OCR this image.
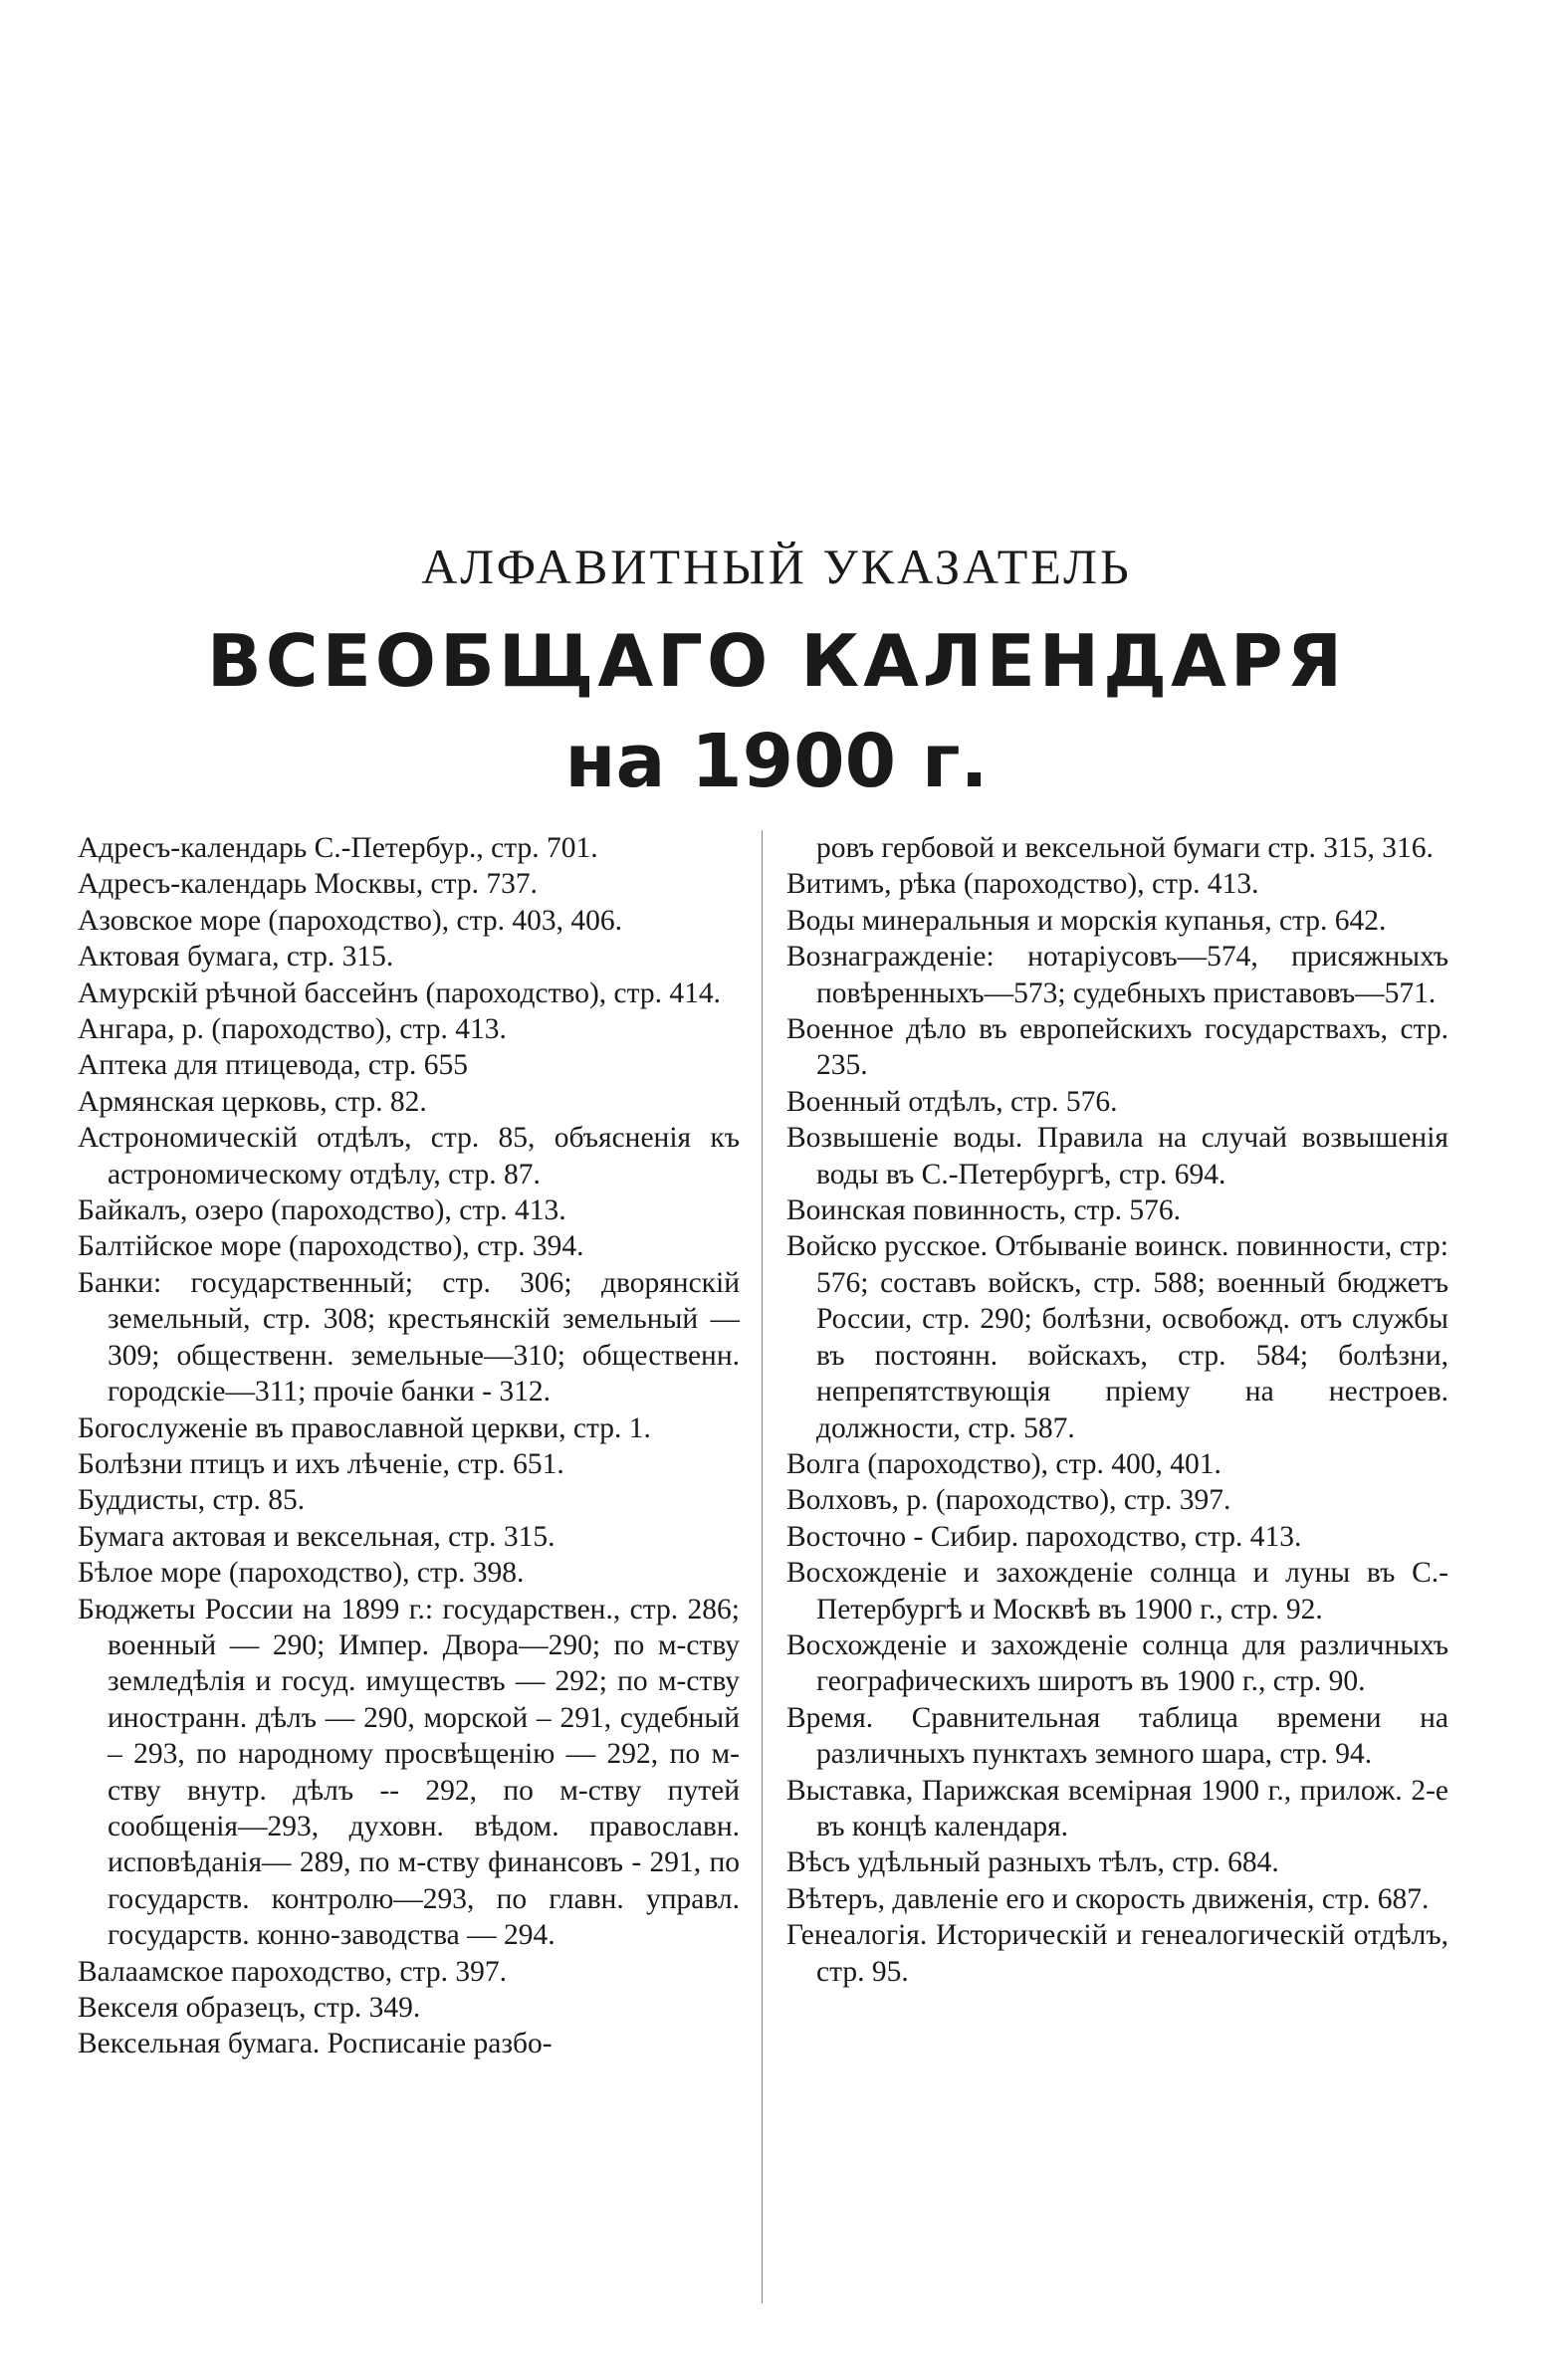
АЛФАВИТНЫЙ УКАЗАТЕЛЬ
ВСЕОБЩАГО КАЛЕНДАРЯ
на 1900 г.

Адресъ-календарь С.-Петербур., стр. 701.

Адресъ-календарь Москвы, стр. 737.

Азовское море (пароходство), стр. 403, 406.

Актовая бумага, стр. 315.

Амурскій рѣчной бассейнъ (пароходство), стр. 414.

Ангара, р. (пароходство), стр. 413.

Аптека для птицевода, стр. 655

Армянская церковь, стр. 82.

Астрономическій отдѣлъ, стр. 85, объясненія къ астрономическому отдѣлу, стр. 87.

Байкалъ, озеро (пароходство), стр. 413.

Балтійское море (пароходство), стр. 394.

Банки: государственный; стр. 306; дворянскій земельный, стр. 308; крестьянскій земельный — 309; общественн. земельные—310; общественн. городскіе—311; прочіе банки - 312.

Богослуженіе въ православной церкви, стр. 1.

Болѣзни птицъ и ихъ лѣченіе, стр. 651.

Буддисты, стр. 85.

Бумага актовая и вексельная, стр. 315.

Бѣлое море (пароходство), стр. 398.

Бюджеты России на 1899 г.: государствен., стр. 286; военный — 290; Импер. Двора—290; по м-ству земледѣлія и госуд. имуществъ — 292; по м-ству иностранн. дѣлъ — 290, морской – 291, судебный – 293, по народному просвѣщенію — 292, по м-ству внутр. дѣлъ -- 292, по м-ству путей сообщенія—293, духовн. вѣдом. православн. исповѣданія— 289, по м-ству финансовъ - 291, по государств. контролю—293, по главн. управл. государств. конно-заводства — 294.

Валаамское пароходство, стр. 397.

Векселя образецъ, стр. 349.

Вексельная бумага. Росписаніе разбо-

ровъ гербовой и вексельной бумаги стр. 315, 316.

Витимъ, рѣка (пароходство), стр. 413.

Воды минеральныя и морскія купанья, стр. 642.

Вознагражденіе: нотаріусовъ—574, присяжныхъ повѣренныхъ—573; судебныхъ приставовъ—571.

Военное дѣло въ европейскихъ государствахъ, стр. 235.

Военный отдѣлъ, стр. 576.

Возвышеніе воды. Правила на случай возвышенія воды въ С.-Петербургѣ, стр. 694.

Воинская повинность, стр. 576.

Войско русское. Отбываніе воинск. повинности, стр: 576; составъ войскъ, стр. 588; военный бюджетъ России, стр. 290; болѣзни, освобожд. отъ службы въ постоянн. войскахъ, стр. 584; болѣзни, непрепятствующія пріему на нестроев. должности, стр. 587.

Волга (пароходство), стр. 400, 401.

Волховъ, р. (пароходство), стр. 397.

Восточно - Сибир. пароходство, стр. 413.

Восхожденіе и захожденіе солнца и луны въ С.-Петербургѣ и Москвѣ въ 1900 г., стр. 92.

Восхожденіе и захожденіе солнца для различныхъ географическихъ широтъ въ 1900 г., стр. 90.

Время. Сравнительная таблица времени на различныхъ пунктахъ земного шара, стр. 94.

Выставка, Парижская всемірная 1900 г., прилож. 2-е въ концѣ календаря.

Вѣсъ удѣльный разныхъ тѣлъ, стр. 684.

Вѣтеръ, давленіе его и скорость движенія, стр. 687.

Генеалогія. Историческій и генеалогическій отдѣлъ, стр. 95.
